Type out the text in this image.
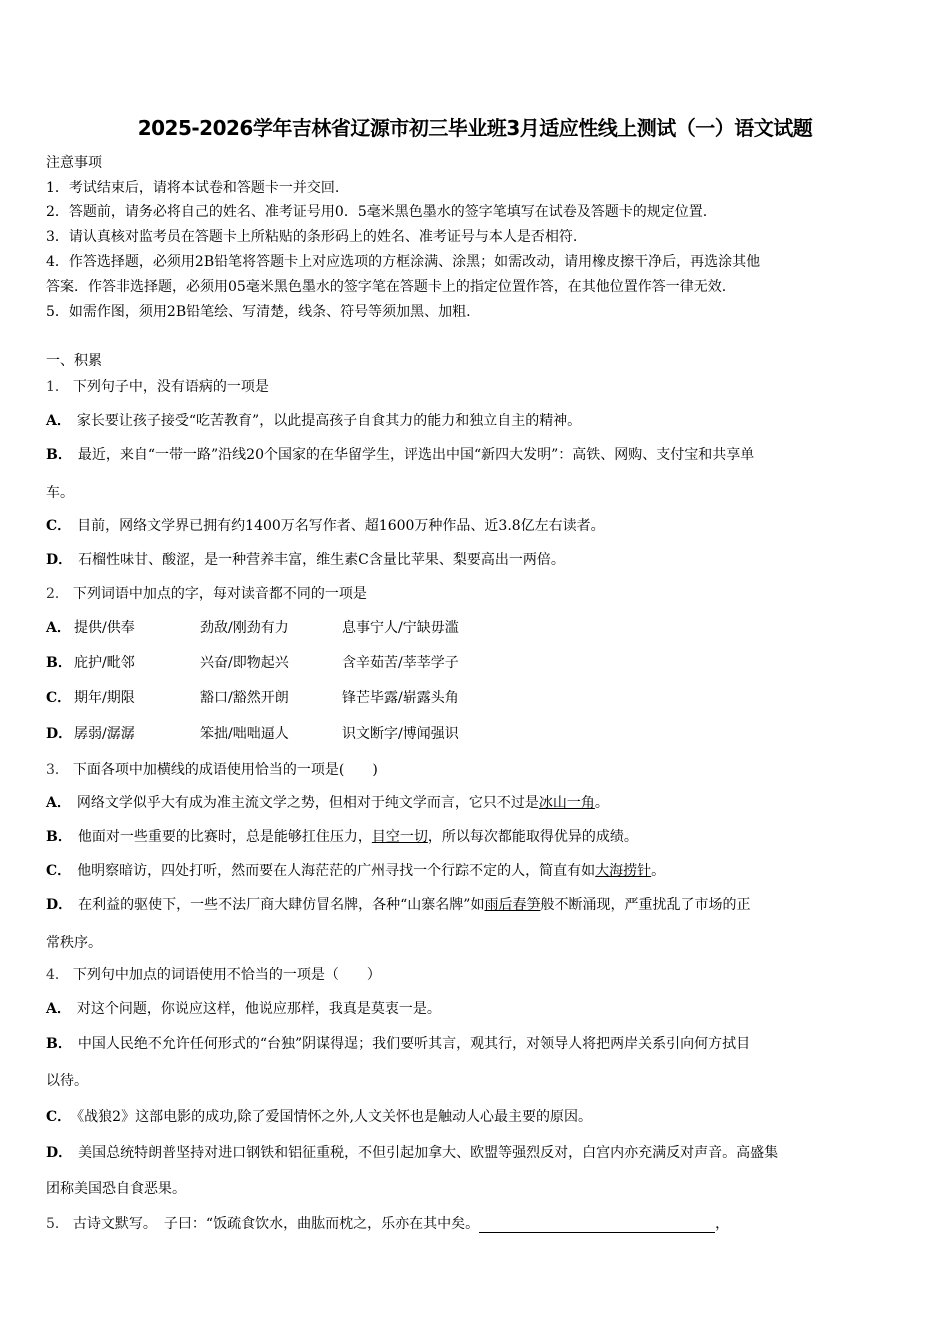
2025-2026学年吉林省辽源市初三毕业班3月适应性线上测试（一）语文试题
注意事项
1．考试结束后，请将本试卷和答题卡一并交回.
2．答题前，请务必将自己的姓名、准考证号用0．5毫米黑色墨水的签字笔填写在试卷及答题卡的规定位置.
3．请认真核对监考员在答题卡上所粘贴的条形码上的姓名、准考证号与本人是否相符.
4．作答选择题，必须用2B铅笔将答题卡上对应选项的方框涂满、涂黑；如需改动，请用橡皮擦干净后，再选涂其他
答案．作答非选择题，必须用05毫米黑色墨水的签字笔在答题卡上的指定位置作答，在其他位置作答一律无效.
5．如需作图，须用2B铅笔绘、写清楚，线条、符号等须加黑、加粗.
一、积累
1． 下列句子中，没有语病的一项是
A． 家长要让孩子接受“吃苦教育”，以此提高孩子自食其力的能力和独立自主的精神。
B． 最近，来自“一带一路”沿线20个国家的在华留学生，评选出中国“新四大发明”：高铁、网购、支付宝和共享单
车。
C． 目前，网络文学界已拥有约1400万名写作者、超1600万种作品、近3.8亿左右读者。
D． 石榴性味甘、酸涩，是一种营养丰富，维生素C含量比苹果、梨要高出一两倍。
2． 下列词语中加点的字，每对读音都不同的一项是
A． 提供/供奉	劲敌/刚劲有力	息事宁人/宁缺毋滥
B． 庇护/毗邻	兴奋/即物起兴	含辛茹苦/莘莘学子
C． 期年/期限	豁口/豁然开朗	锋芒毕露/崭露头角
D． 孱弱/潺潺	笨拙/咄咄逼人	识文断字/博闻强识
3． 下面各项中加横线的成语使用恰当的一项是(　　)
A． 网络文学似乎大有成为准主流文学之势，但相对于纯文学而言，它只不过是冰山一角。
B． 他面对一些重要的比赛时，总是能够扛住压力，目空一切，所以每次都能取得优异的成绩。
C． 他明察暗访，四处打听，然而要在人海茫茫的广州寻找一个行踪不定的人，简直有如大海捞针。
D． 在利益的驱使下，一些不法厂商大肆仿冒名牌，各种“山寨名牌”如雨后春笋般不断涌现，严重扰乱了市场的正
常秩序。
4． 下列句中加点的词语使用不恰当的一项是（　　）
A． 对这个问题，你说应这样，他说应那样，我真是莫衷一是。
B． 中国人民绝不允许任何形式的“台独”阴谋得逞；我们要听其言，观其行，对领导人将把两岸关系引向何方拭目
以待。
C． 《战狼2》这部电影的成功,除了爱国情怀之外,人文关怀也是触动人心最主要的原因。
D． 美国总统特朗普坚持对进口钢铁和铝征重税，不但引起加拿大、欧盟等强烈反对，白宫内亦充满反对声音。高盛集
团称美国恐自食恶果。
5． 古诗文默写。　子曰：“饭疏食饮水，曲肱而枕之，乐亦在其中矣。	，
